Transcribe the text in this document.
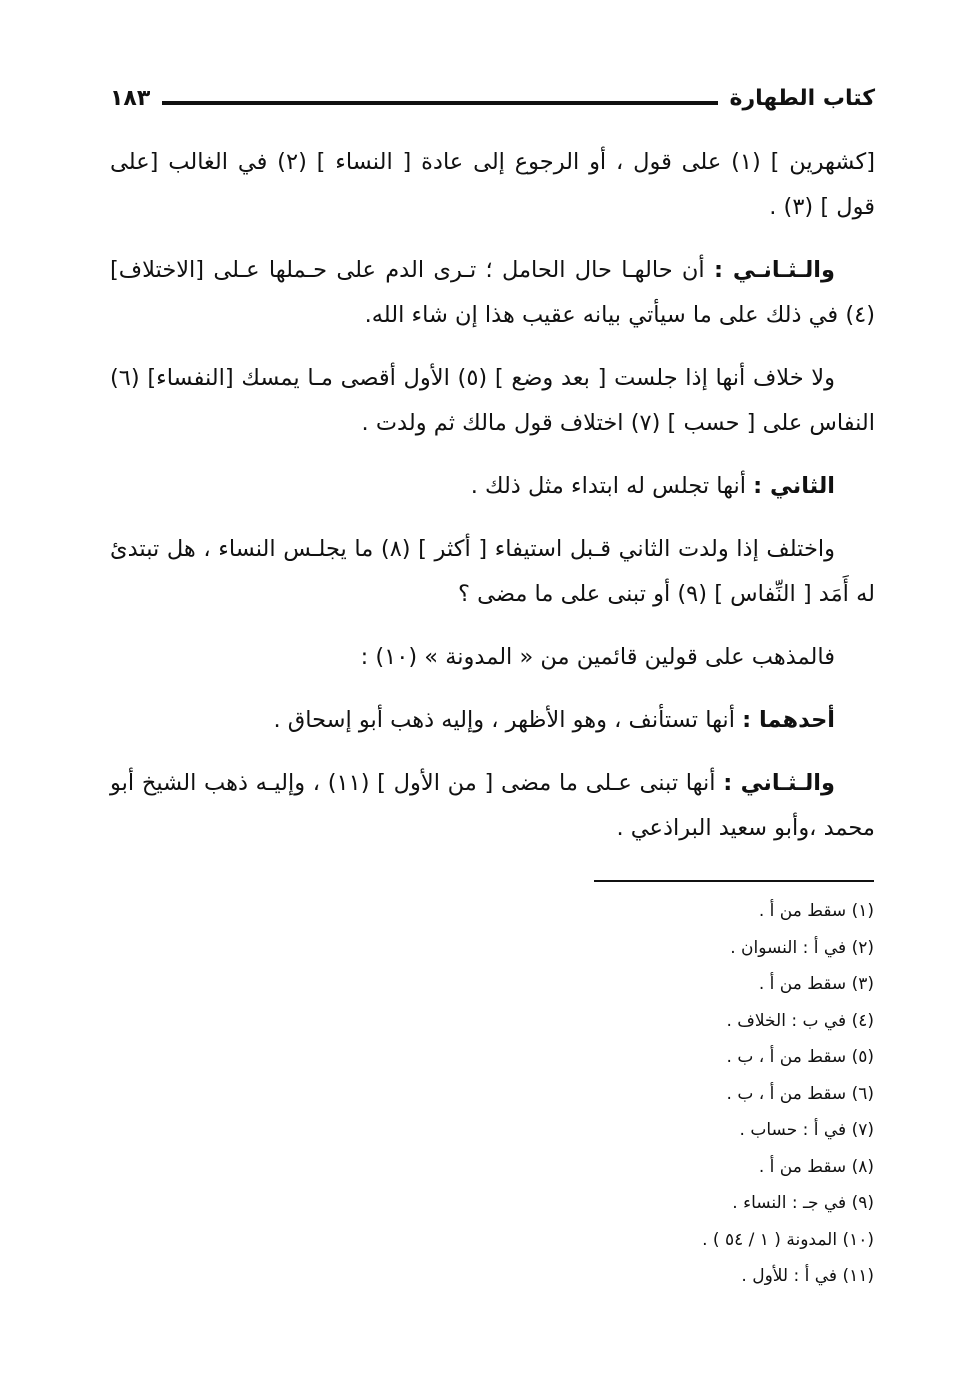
كتاب الطهارة
١٨٣

[كشهرين ] (١) على قول ، أو الرجوع إلى عادة [ النساء ] (٢) في الغالب [على قول ] (٣) .

والـثـانـي : أن حالهـا حال الحامل ؛ تـرى الدم على حـملها عـلى [الاختلاف] (٤) في ذلك على ما سيأتي بيانه عقيب هذا إن شاء الله.

ولا خلاف أنها إذا جلست [ بعد وضع ] (٥) الأول أقصى مـا يمسك [النفساء] (٦) النفاس على [ حسب ] (٧) اختلاف قول مالك ثم ولدت .

الثاني : أنها تجلس له ابتداء مثل ذلك .

واختلف إذا ولدت الثاني قـبل استيفاء [ أكثر ] (٨) ما يجلـس النساء ، هل تبتدئ له أَمَد [ النِّفاس ] (٩) أو تبنى على ما مضى ؟

فالمذهب على قولين قائمين من « المدونة » (١٠) :

أحدهما : أنها تستأنف ، وهو الأظهر ، وإليه ذهب أبو إسحاق .

والـثـاني : أنها تبنى عـلى ما مضى [ من الأول ] (١١) ، وإليـه ذهب الشيخ أبو محمد ،وأبو سعيد البراذعي .

(١) سقط من أ .
(٢) في أ : النسوان .
(٣) سقط من أ .
(٤) في ب : الخلاف .
(٥) سقط من أ ، ب .
(٦) سقط من أ ، ب .
(٧) في أ : حساب .
(٨) سقط من أ .
(٩) في جـ : النساء .
(١٠) المدونة ( ١ / ٥٤ ) .
(١١) في أ : للأول .
